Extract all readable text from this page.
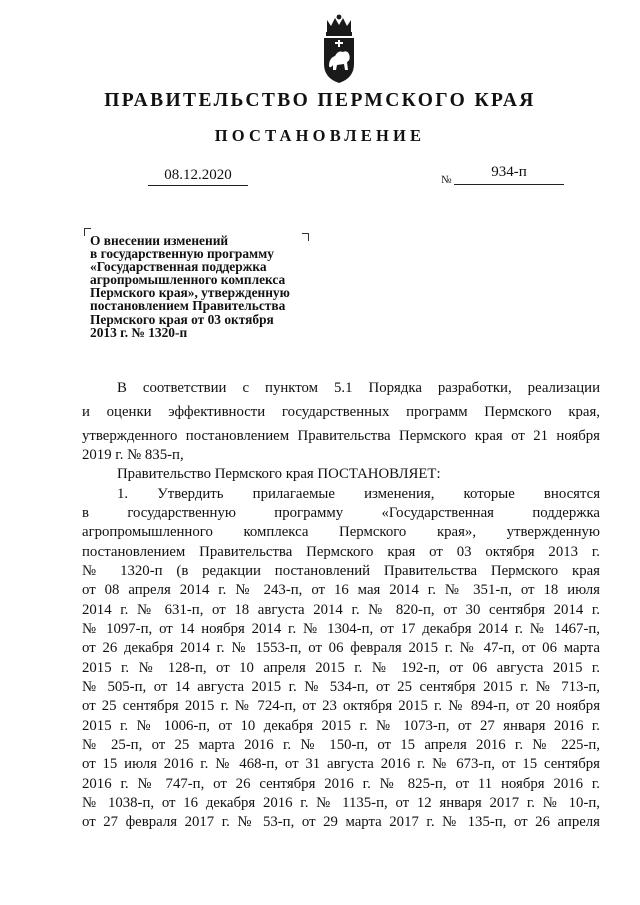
ПРАВИТЕЛЬСТВО ПЕРМСКОГО КРАЯ
ПОСТАНОВЛЕНИЕ
08.12.2020	№	934-п
О внесении изменений
в государственную программу
«Государственная поддержка
агропромышленного комплекса
Пермского края», утвержденную
постановлением Правительства
Пермского края от 03 октября
2013 г. № 1320-п
В соответствии с пунктом 5.1 Порядка разработки, реализации
и оценки эффективности государственных программ Пермского края,
утвержденного постановлением Правительства Пермского края от 21 ноября
2019 г. № 835-п,
Правительство Пермского края ПОСТАНОВЛЯЕТ:
1. Утвердить прилагаемые изменения, которые вносятся
в государственную программу «Государственная поддержка
агропромышленного комплекса Пермского края», утвержденную
постановлением Правительства Пермского края от 03 октября 2013 г.
№ 1320-п (в редакции постановлений Правительства Пермского края
от 08 апреля 2014 г. № 243-п, от 16 мая 2014 г. № 351-п, от 18 июля
2014 г. № 631-п, от 18 августа 2014 г. № 820-п, от 30 сентября 2014 г.
№ 1097-п, от 14 ноября 2014 г. № 1304-п, от 17 декабря 2014 г. № 1467-п,
от 26 декабря 2014 г. № 1553-п, от 06 февраля 2015 г. № 47-п, от 06 марта
2015 г. № 128-п, от 10 апреля 2015 г. № 192-п, от 06 августа 2015 г.
№ 505-п, от 14 августа 2015 г. № 534-п, от 25 сентября 2015 г. № 713-п,
от 25 сентября 2015 г. № 724-п, от 23 октября 2015 г. № 894-п, от 20 ноября
2015 г. № 1006-п, от 10 декабря 2015 г. № 1073-п, от 27 января 2016 г.
№ 25-п, от 25 марта 2016 г. № 150-п, от 15 апреля 2016 г. № 225-п,
от 15 июля 2016 г. № 468-п, от 31 августа 2016 г. № 673-п, от 15 сентября
2016 г. № 747-п, от 26 сентября 2016 г. № 825-п, от 11 ноября 2016 г.
№ 1038-п, от 16 декабря 2016 г. № 1135-п, от 12 января 2017 г. № 10-п,
от 27 февраля 2017 г. № 53-п, от 29 марта 2017 г. № 135-п, от 26 апреля
